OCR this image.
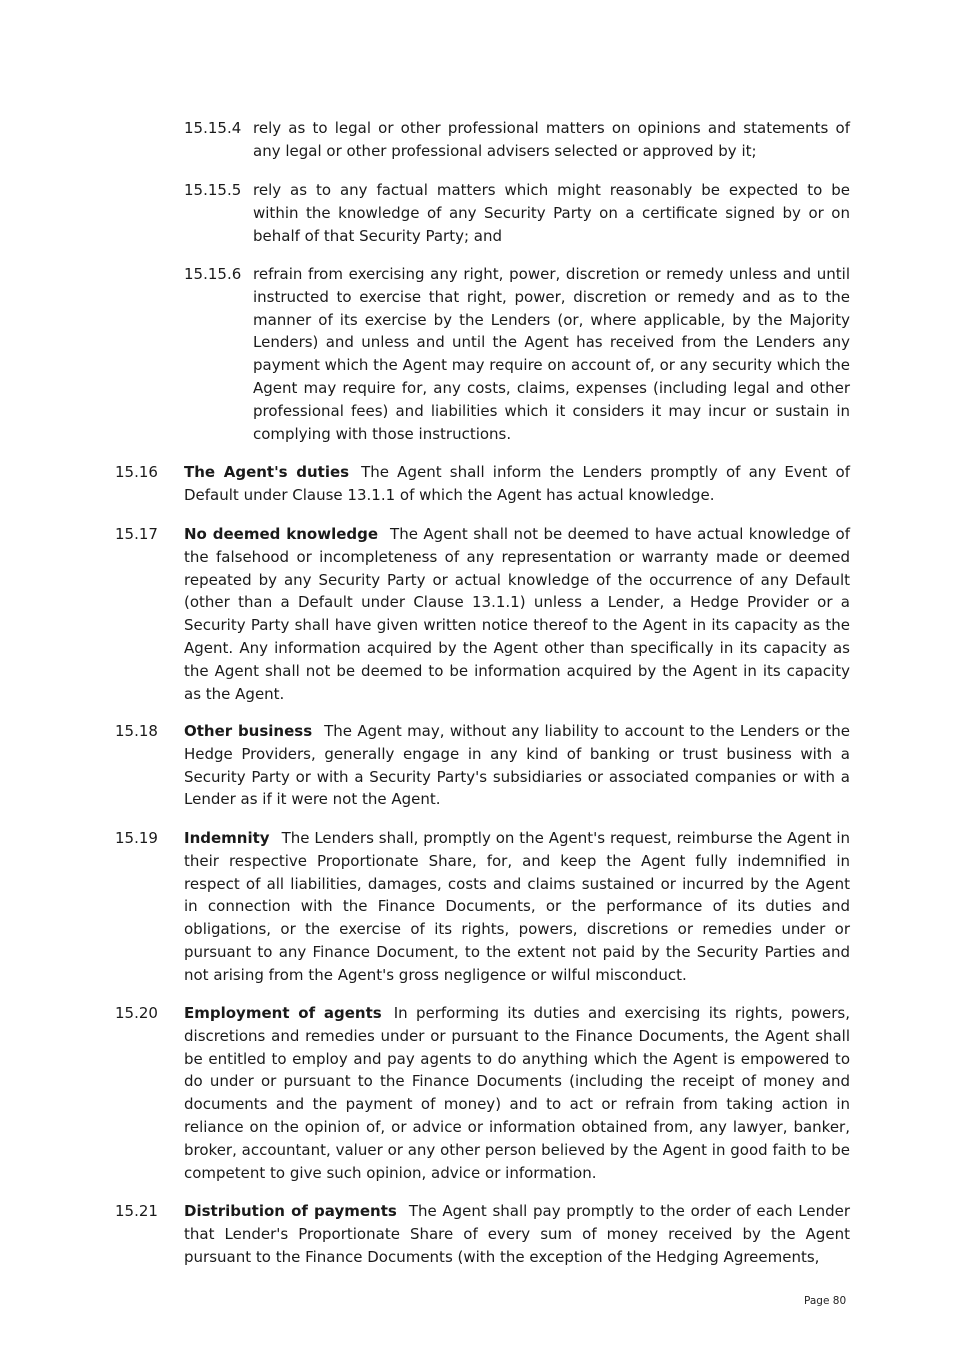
15.15.4 rely as to legal or other professional matters on opinions and statements of any legal or other professional advisers selected or approved by it;
15.15.5 rely as to any factual matters which might reasonably be expected to be within the knowledge of any Security Party on a certificate signed by or on behalf of that Security Party; and
15.15.6 refrain from exercising any right, power, discretion or remedy unless and until instructed to exercise that right, power, discretion or remedy and as to the manner of its exercise by the Lenders (or, where applicable, by the Majority Lenders) and unless and until the Agent has received from the Lenders any payment which the Agent may require on account of, or any security which the Agent may require for, any costs, claims, expenses (including legal and other professional fees) and liabilities which it considers it may incur or sustain in complying with those instructions.
15.16 The Agent's duties The Agent shall inform the Lenders promptly of any Event of Default under Clause 13.1.1 of which the Agent has actual knowledge.
15.17 No deemed knowledge The Agent shall not be deemed to have actual knowledge of the falsehood or incompleteness of any representation or warranty made or deemed repeated by any Security Party or actual knowledge of the occurrence of any Default (other than a Default under Clause 13.1.1) unless a Lender, a Hedge Provider or a Security Party shall have given written notice thereof to the Agent in its capacity as the Agent. Any information acquired by the Agent other than specifically in its capacity as the Agent shall not be deemed to be information acquired by the Agent in its capacity as the Agent.
15.18 Other business The Agent may, without any liability to account to the Lenders or the Hedge Providers, generally engage in any kind of banking or trust business with a Security Party or with a Security Party's subsidiaries or associated companies or with a Lender as if it were not the Agent.
15.19 Indemnity The Lenders shall, promptly on the Agent's request, reimburse the Agent in their respective Proportionate Share, for, and keep the Agent fully indemnified in respect of all liabilities, damages, costs and claims sustained or incurred by the Agent in connection with the Finance Documents, or the performance of its duties and obligations, or the exercise of its rights, powers, discretions or remedies under or pursuant to any Finance Document, to the extent not paid by the Security Parties and not arising from the Agent's gross negligence or wilful misconduct.
15.20 Employment of agents In performing its duties and exercising its rights, powers, discretions and remedies under or pursuant to the Finance Documents, the Agent shall be entitled to employ and pay agents to do anything which the Agent is empowered to do under or pursuant to the Finance Documents (including the receipt of money and documents and the payment of money) and to act or refrain from taking action in reliance on the opinion of, or advice or information obtained from, any lawyer, banker, broker, accountant, valuer or any other person believed by the Agent in good faith to be competent to give such opinion, advice or information.
15.21 Distribution of payments The Agent shall pay promptly to the order of each Lender that Lender's Proportionate Share of every sum of money received by the Agent pursuant to the Finance Documents (with the exception of the Hedging Agreements,
Page 80
